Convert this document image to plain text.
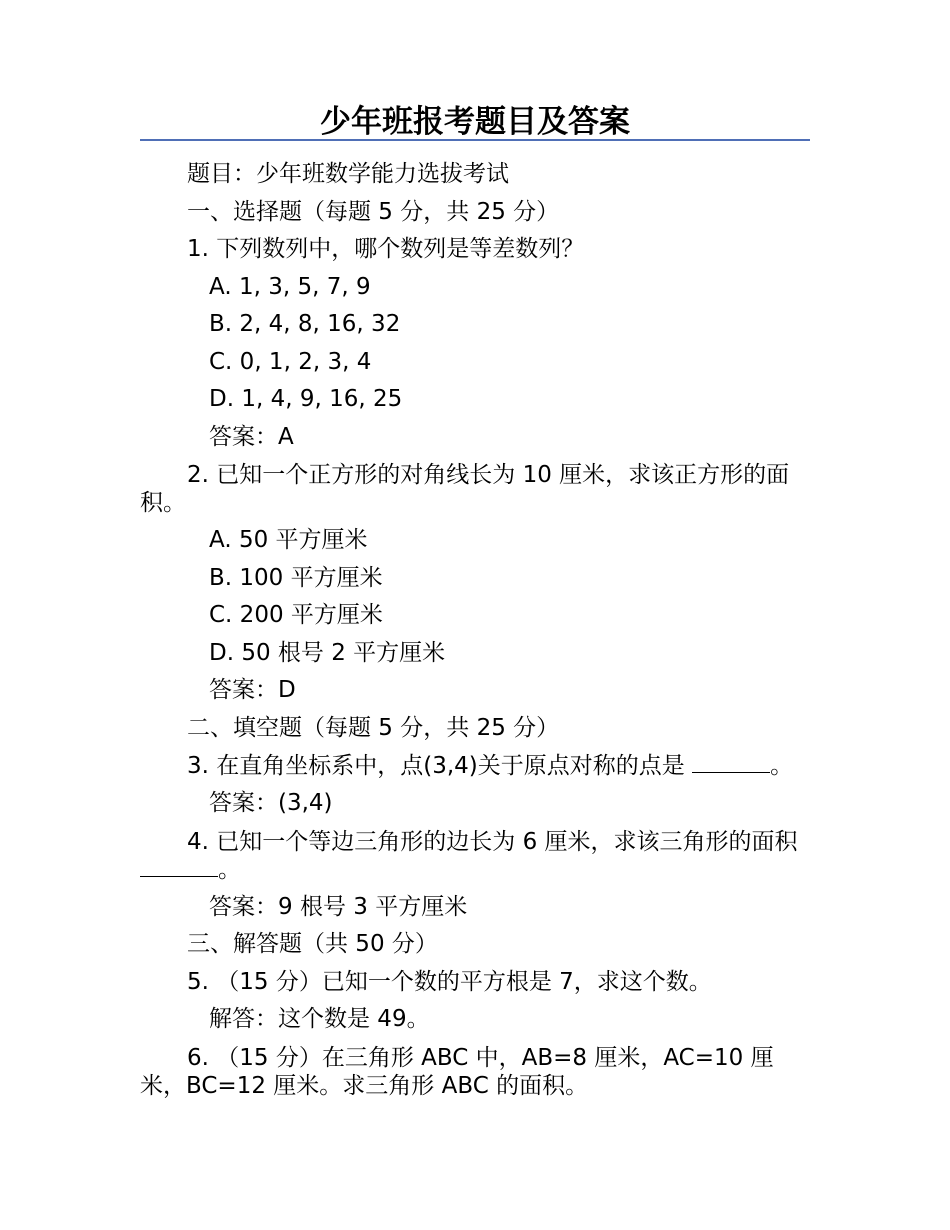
少年班报考题目及答案

题目：少年班数学能力选拔考试

一、选择题（每题 5 分，共 25 分）

1. 下列数列中，哪个数列是等差数列？

A. 1, 3, 5, 7, 9

B. 2, 4, 8, 16, 32

C. 0, 1, 2, 3, 4

D. 1, 4, 9, 16, 25

答案：A

2. 已知一个正方形的对角线长为 10 厘米，求该正方形的面积。

A. 50 平方厘米

B. 100 平方厘米

C. 200 平方厘米

D. 50 根号 2 平方厘米

答案：D

二、填空题（每题 5 分，共 25 分）

3. 在直角坐标系中，点(3,4)关于原点对称的点是	。

答案：(3,4)

4. 已知一个等边三角形的边长为 6 厘米，求该三角形的面积。

答案：9 根号 3 平方厘米

三、解答题（共 50 分）

5. （15 分）已知一个数的平方根是 7，求这个数。

解答：这个数是 49。

6. （15 分）在三角形 ABC 中，AB=8 厘米，AC=10 厘米，BC=12 厘米。求三角形 ABC 的面积。
